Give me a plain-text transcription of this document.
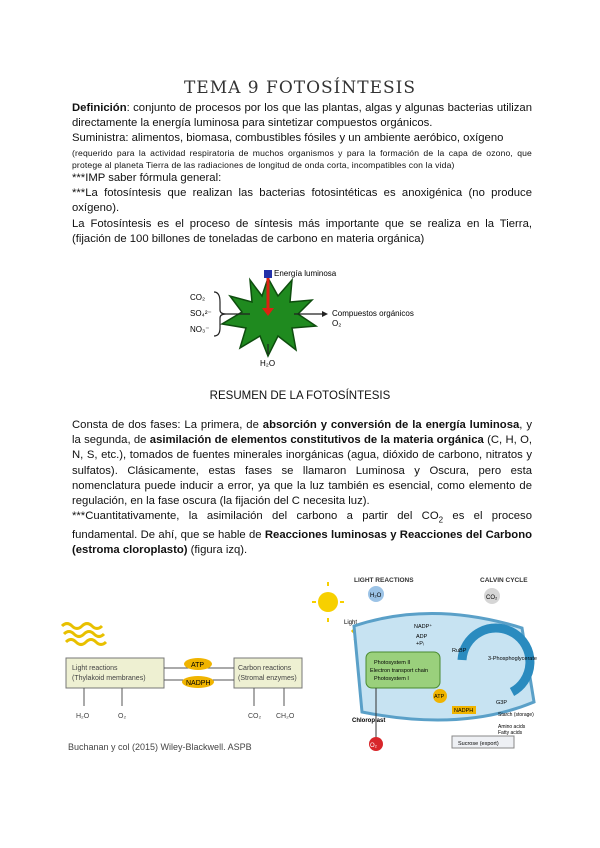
TEMA 9 FOTOSÍNTESIS

Definición: conjunto de procesos por los que las plantas, algas y algunas bacterias utilizan directamente la energía luminosa para sintetizar compuestos orgánicos.

Suministra: alimentos, biomasa, combustibles fósiles y un ambiente aeróbico, oxígeno

(requerido para la actividad respiratoria de muchos organismos y para la formación de la capa de ozono, que protege al planeta Tierra de las radiaciones de longitud de onda corta, incompatibles con la vida)

***IMP saber fórmula general:

***La fotosíntesis que realizan las bacterias fotosintéticas es anoxigénica (no produce oxígeno).

La Fotosíntesis es el proceso de síntesis más importante que se realiza en la Tierra, (fijación de 100 billones de toneladas de carbono en materia orgánica)

Energía luminosa
CO₂
SO₄²⁻
NO₃⁻
Compuestos orgánicos
O₂
H₂O
RESUMEN DE LA FOTOSÍNTESIS

Consta de dos fases: La primera, de absorción y conversión de la energía luminosa, y la segunda, de asimilación de elementos constitutivos de la materia orgánica (C, H, O, N, S, etc.), tomados de fuentes minerales inorgánicas (agua, dióxido de carbono, nitratos y sulfatos). Clásicamente, estas fases se llamaron Luminosa y Oscura, pero esta nomenclatura puede inducir a error, ya que la luz también es esencial, como elemento de regulación, en la fase oscura (la fijación del C necesita luz).

***Cuantitativamente, la asimilación del carbono a partir del $CO_2$ es el proceso fundamental. De ahí, que se hable de Reacciones luminosas y Reacciones del Carbono (estroma cloroplasto) (figura izq).

Light reactions
(Thylakoid membranes)
Carbon reactions
(Stromal enzymes)
ATP
NADPH
H₂O	O₂	CO₂ CH₂O
Buchanan y col (2015) Wiley-Blackwell. ASPB
LIGHT REACTIONS	CALVIN CYCLE
H₂O	CO₂
Light
Photosystem II
Electron transport chain
Photosystem I
NADP⁺
ADP
+Pᵢ
RuBP
3-Phosphoglycerate
ATP
NADPH
G3P
Starch (storage)
Amino acids
Fatty acids
Chloroplast
O₂	Sucrose (export)
